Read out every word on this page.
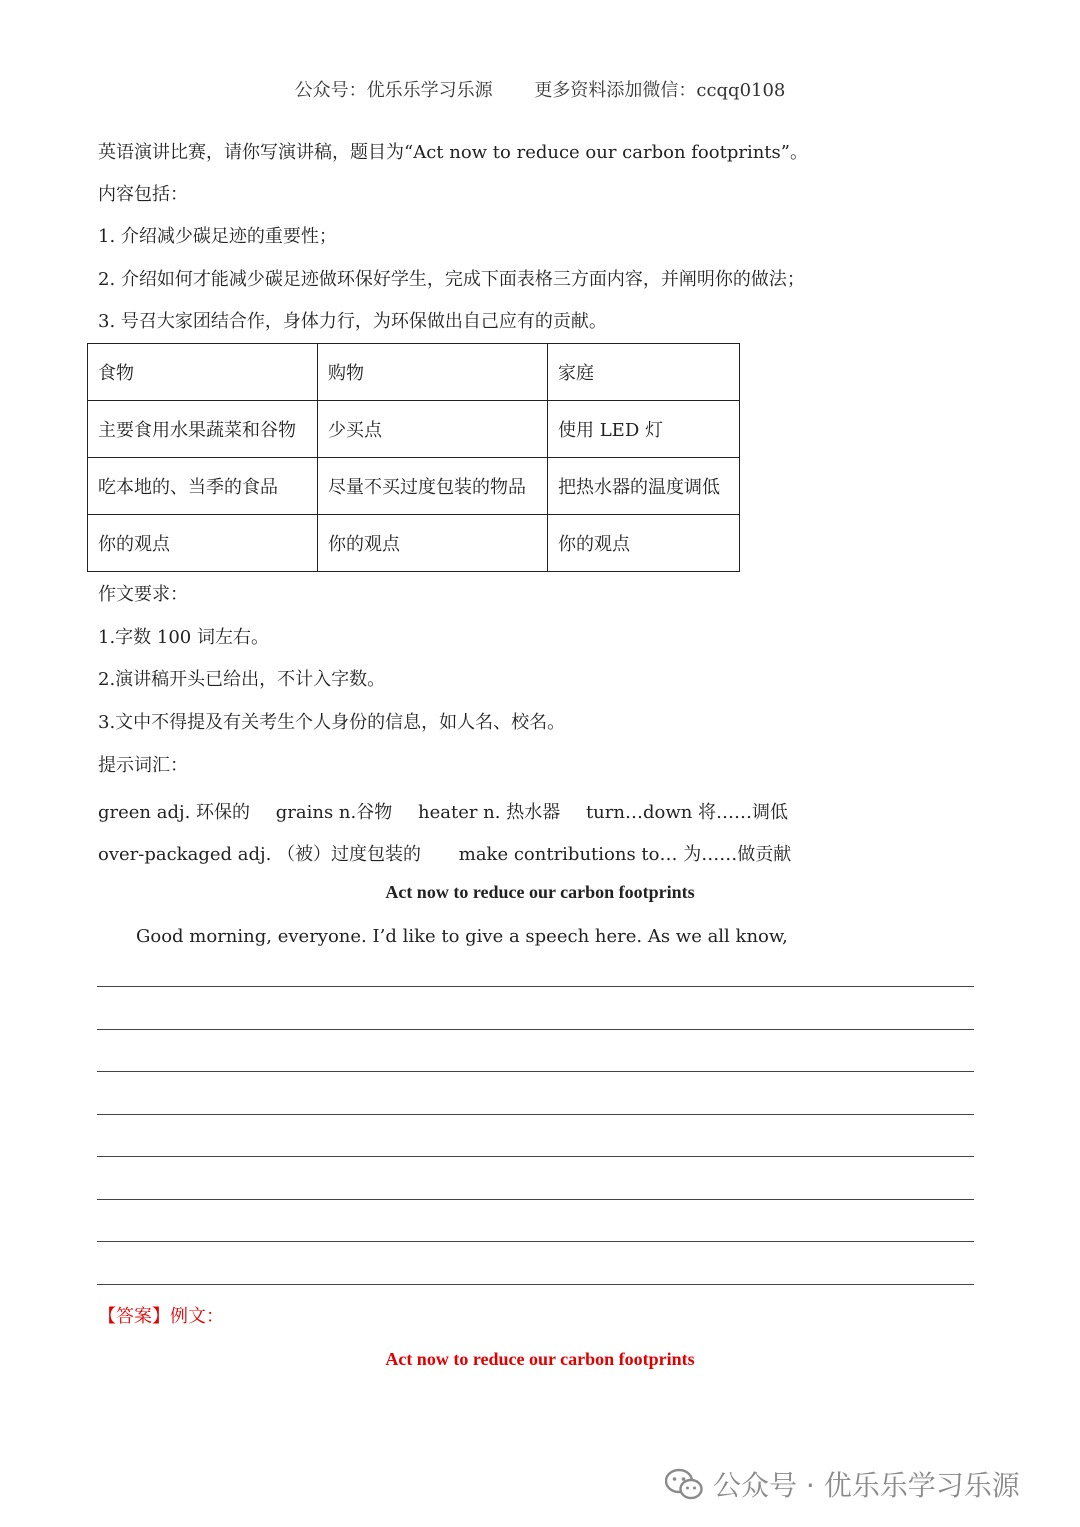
公众号：优乐乐学习乐源 更多资料添加微信：ccqq0108
英语演讲比赛，请你写演讲稿，题目为“Act now to reduce our carbon footprints”。
内容包括：
1. 介绍减少碳足迹的重要性；
2. 介绍如何才能减少碳足迹做环保好学生，完成下面表格三方面内容，并阐明你的做法；
3. 号召大家团结合作，身体力行，为环保做出自己应有的贡献。
食物	购物	家庭
主要食用水果蔬菜和谷物	少买点	使用 LED 灯
吃本地的、当季的食品	尽量不买过度包装的物品	把热水器的温度调低
你的观点	你的观点	你的观点
作文要求：
1.字数 100 词左右。
2.演讲稿开头已给出，不计入字数。
3.文中不得提及有关考生个人身份的信息，如人名、校名。
提示词汇：
green adj. 环保的 grains n.谷物 heater n. 热水器 turn…down 将……调低
over-packaged adj. （被）过度包装的 make contributions to… 为……做贡献
Act now to reduce our carbon footprints
Good morning, everyone. I’d like to give a speech here. As we all know,
【答案】例文：
Act now to reduce our carbon footprints
公众号 · 优乐乐学习乐源
